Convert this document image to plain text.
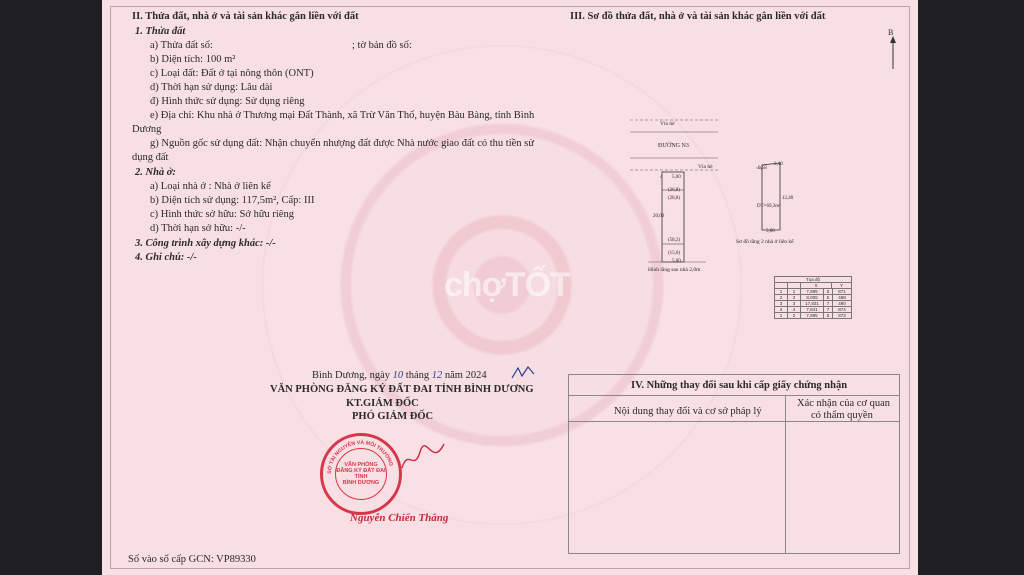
II. Thửa đất, nhà ở và tài sản khác gắn liền với đất
1. Thửa đất
a) Thửa đất số:	; tờ bản đồ số:
b) Diện tích: 100 m²
c) Loại đất: Đất ở tại nông thôn (ONT)
d) Thời hạn sử dụng: Lâu dài
đ) Hình thức sử dụng: Sử dụng riêng
e) Địa chỉ: Khu nhà ở Thương mại Đất Thành, xã Trừ Văn Thố, huyện Bàu Bàng, tỉnh Bình
Dương
g) Nguồn gốc sử dụng đất: Nhận chuyển nhượng đất được Nhà nước giao đất có thu tiền sử
dụng đất
2. Nhà ở:
a) Loại nhà ở : Nhà ở liên kế
b) Diện tích sử dụng: 117,5m², Cấp: III
c) Hình thức sở hữu: Sở hữu riêng
d) Thời hạn sở hữu: -/-
3. Công trình xây dựng khác: -/-
4. Ghi chú: -/-
III. Sơ đồ thửa đất, nhà ở và tài sản khác gắn liền với đất
B
Vỉa hè
ĐƯỜNG N3
Vỉa hè
4 5,00
(26,8)
(28,8)
20,00
(58,2)
(15,0)
5,00
Hình tầng sau nhà 2,0m
0,58
2,40
12,40
5,00
DT=69,3m²
Sơ đồ tầng 2 nhà ở liên kế
Tọa độ
X	Y
1	1	7,995	5	871
2	2	8,005	5	488
3	3	17,831	7	490
4	4	7,841	7	874
1	2	7,995	5	873
Bình Dương, ngày 10 tháng 12 năm 2024
VĂN PHÒNG ĐĂNG KÝ ĐẤT ĐAI TỈNH BÌNH DƯƠNG
KT.GIÁM ĐỐC
PHÓ GIÁM ĐỐC
SỞ TÀI NGUYÊN VÀ MÔI TRƯỜNG
VĂN PHÒNG
ĐĂNG KÝ ĐẤT ĐAI
TỈNH
BÌNH DƯƠNG
Nguyễn Chiến Thắng
IV. Những thay đổi sau khi cấp giấy chứng nhận
Nội dung thay đổi và cơ sở pháp lý
Xác nhận của cơ quan
có thẩm quyền
Số vào sổ cấp GCN: VP89330
chợTỐT
